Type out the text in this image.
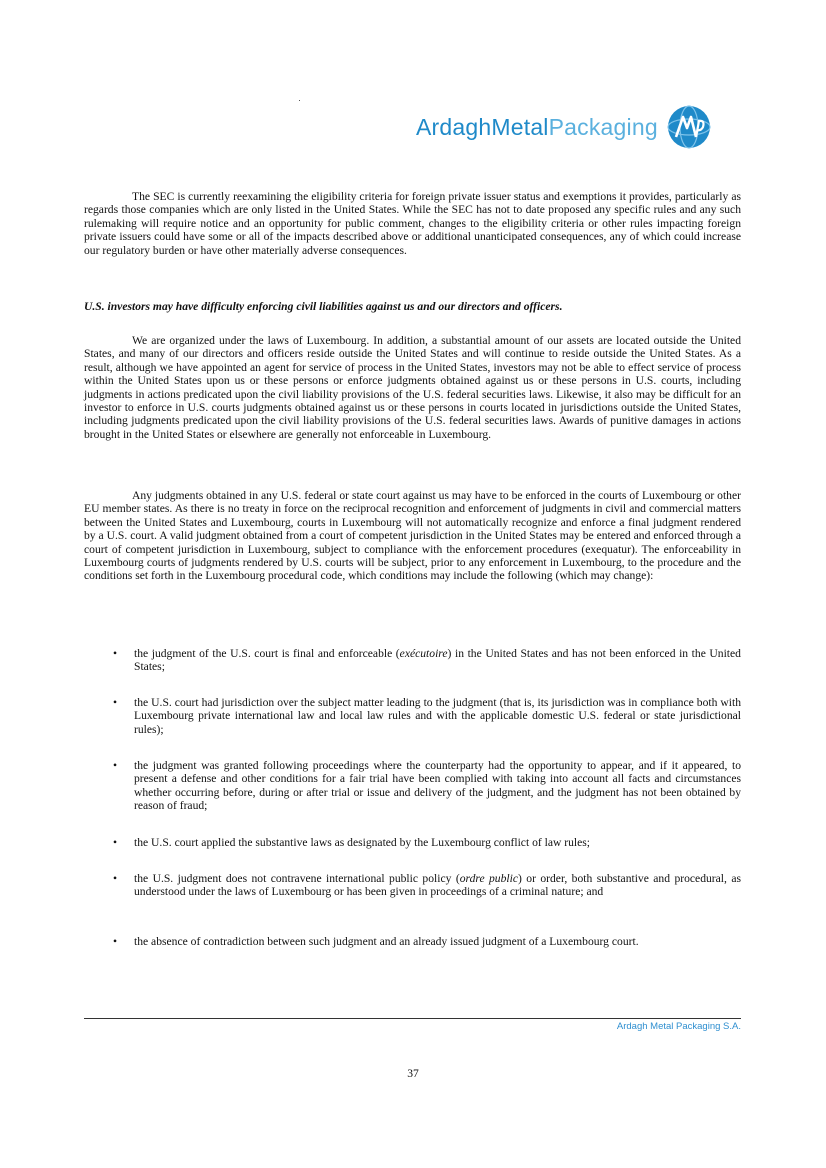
ArdaghMetalPackaging

The SEC is currently reexamining the eligibility criteria for foreign private issuer status and exemptions it provides, particularly as regards those companies which are only listed in the United States. While the SEC has not to date proposed any specific rules and any such rulemaking will require notice and an opportunity for public comment, changes to the eligibility criteria or other rules impacting foreign private issuers could have some or all of the impacts described above or additional unanticipated consequences, any of which could increase our regulatory burden or have other materially adverse consequences.

U.S. investors may have difficulty enforcing civil liabilities against us and our directors and officers.

We are organized under the laws of Luxembourg. In addition, a substantial amount of our assets are located outside the United States, and many of our directors and officers reside outside the United States and will continue to reside outside the United States. As a result, although we have appointed an agent for service of process in the United States, investors may not be able to effect service of process within the United States upon us or these persons or enforce judgments obtained against us or these persons in U.S. courts, including judgments in actions predicated upon the civil liability provisions of the U.S. federal securities laws. Likewise, it also may be difficult for an investor to enforce in U.S. courts judgments obtained against us or these persons in courts located in jurisdictions outside the United States, including judgments predicated upon the civil liability provisions of the U.S. federal securities laws. Awards of punitive damages in actions brought in the United States or elsewhere are generally not enforceable in Luxembourg.

Any judgments obtained in any U.S. federal or state court against us may have to be enforced in the courts of Luxembourg or other EU member states. As there is no treaty in force on the reciprocal recognition and enforcement of judgments in civil and commercial matters between the United States and Luxembourg, courts in Luxembourg will not automatically recognize and enforce a final judgment rendered by a U.S. court. A valid judgment obtained from a court of competent jurisdiction in the United States may be entered and enforced through a court of competent jurisdiction in Luxembourg, subject to compliance with the enforcement procedures (exequatur). The enforceability in Luxembourg courts of judgments rendered by U.S. courts will be subject, prior to any enforcement in Luxembourg, to the procedure and the conditions set forth in the Luxembourg procedural code, which conditions may include the following (which may change):

• the judgment of the U.S. court is final and enforceable (exécutoire) in the United States and has not been enforced in the United States;
• the U.S. court had jurisdiction over the subject matter leading to the judgment (that is, its jurisdiction was in compliance both with Luxembourg private international law and local law rules and with the applicable domestic U.S. federal or state jurisdictional rules);
• the judgment was granted following proceedings where the counterparty had the opportunity to appear, and if it appeared, to present a defense and other conditions for a fair trial have been complied with taking into account all facts and circumstances whether occurring before, during or after trial or issue and delivery of the judgment, and the judgment has not been obtained by reason of fraud;
• the U.S. court applied the substantive laws as designated by the Luxembourg conflict of law rules;
• the U.S. judgment does not contravene international public policy (ordre public) or order, both substantive and procedural, as understood under the laws of Luxembourg or has been given in proceedings of a criminal nature; and
• the absence of contradiction between such judgment and an already issued judgment of a Luxembourg court.
Ardagh Metal Packaging S.A.
37
